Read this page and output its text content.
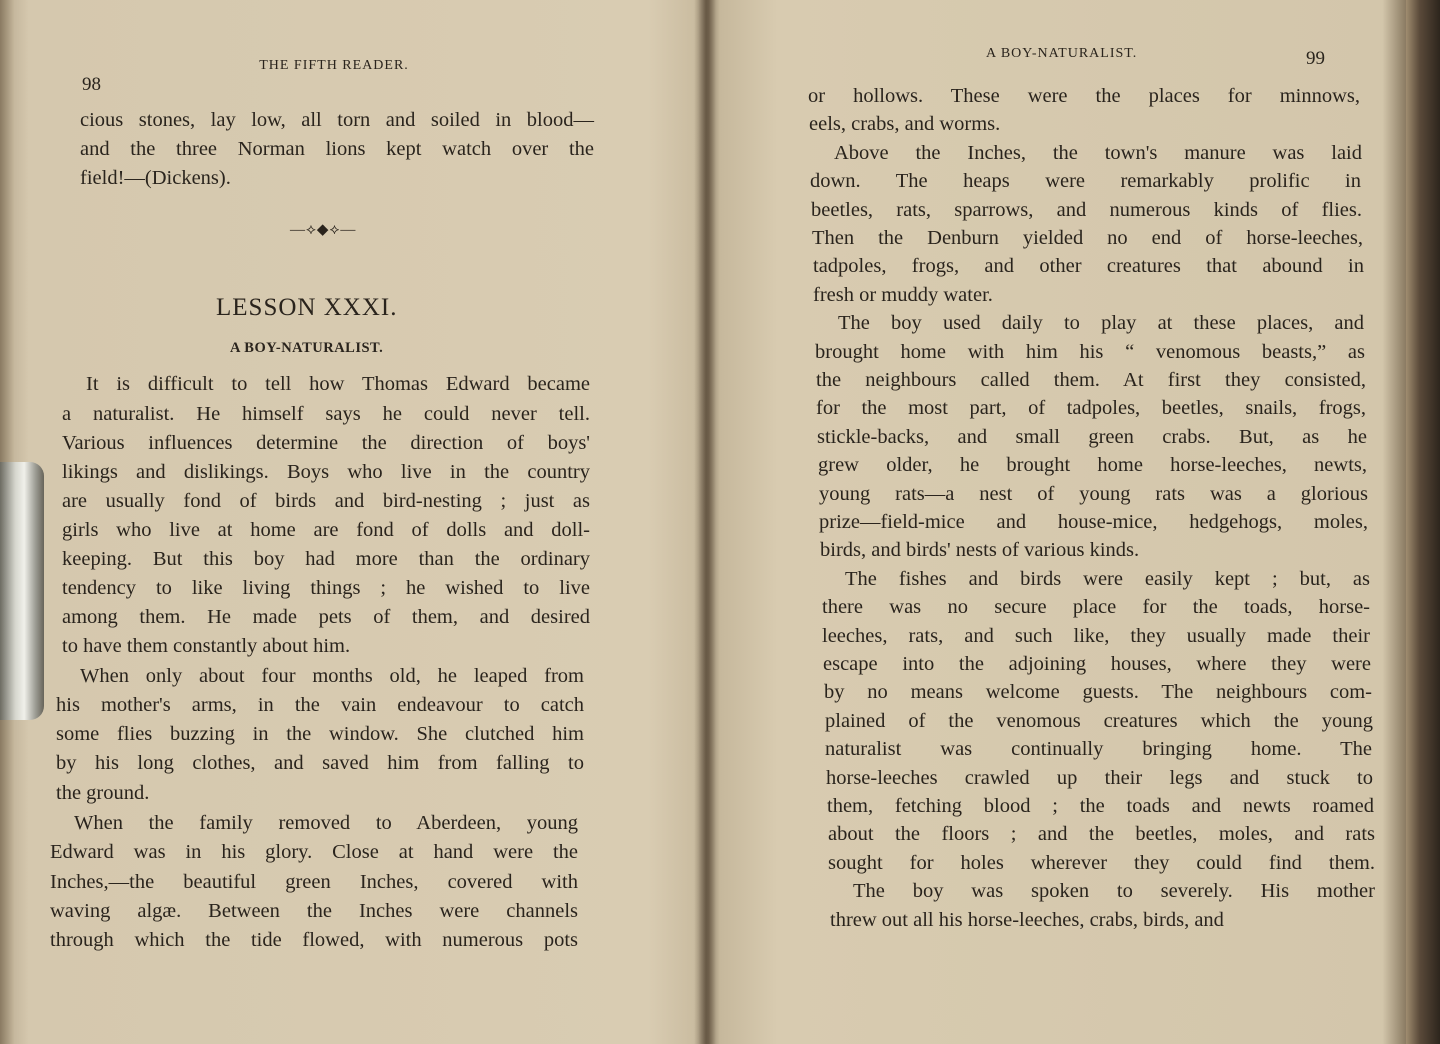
98
THE FIFTH READER.
cious stones, lay low, all torn and soiled in blood—
and the three Norman lions kept watch over the
field!—(Dickens).
—⟡◆⟡—
LESSON XXXI.
A BOY-NATURALIST.
It is difficult to tell how Thomas Edward became
a naturalist. He himself says he could never tell.
Various influences determine the direction of boys'
likings and dislikings. Boys who live in the country
are usually fond of birds and bird-nesting ; just as
girls who live at home are fond of dolls and doll-
keeping. But this boy had more than the ordinary
tendency to like living things ; he wished to live
among them. He made pets of them, and desired
to have them constantly about him.
When only about four months old, he leaped from
his mother's arms, in the vain endeavour to catch
some flies buzzing in the window. She clutched him
by his long clothes, and saved him from falling to
the ground.
When the family removed to Aberdeen, young
Edward was in his glory. Close at hand were the
Inches,—the beautiful green Inches, covered with
waving algæ. Between the Inches were channels
through which the tide flowed, with numerous pots
A BOY-NATURALIST.	99
or hollows. These were the places for minnows,
eels, crabs, and worms.
Above the Inches, the town's manure was laid
down. The heaps were remarkably prolific in
beetles, rats, sparrows, and numerous kinds of flies.
Then the Denburn yielded no end of horse-leeches,
tadpoles, frogs, and other creatures that abound in
fresh or muddy water.
The boy used daily to play at these places, and
brought home with him his “ venomous beasts,” as
the neighbours called them. At first they consisted,
for the most part, of tadpoles, beetles, snails, frogs,
stickle-backs, and small green crabs. But, as he
grew older, he brought home horse-leeches, newts,
young rats—a nest of young rats was a glorious
prize—field-mice and house-mice, hedgehogs, moles,
birds, and birds' nests of various kinds.
The fishes and birds were easily kept ; but, as
there was no secure place for the toads, horse-
leeches, rats, and such like, they usually made their
escape into the adjoining houses, where they were
by no means welcome guests. The neighbours com-
plained of the venomous creatures which the young
naturalist was continually bringing home. The
horse-leeches crawled up their legs and stuck to
them, fetching blood ; the toads and newts roamed
about the floors ; and the beetles, moles, and rats
sought for holes wherever they could find them.
The boy was spoken to severely. His mother
threw out all his horse-leeches, crabs, birds, and
